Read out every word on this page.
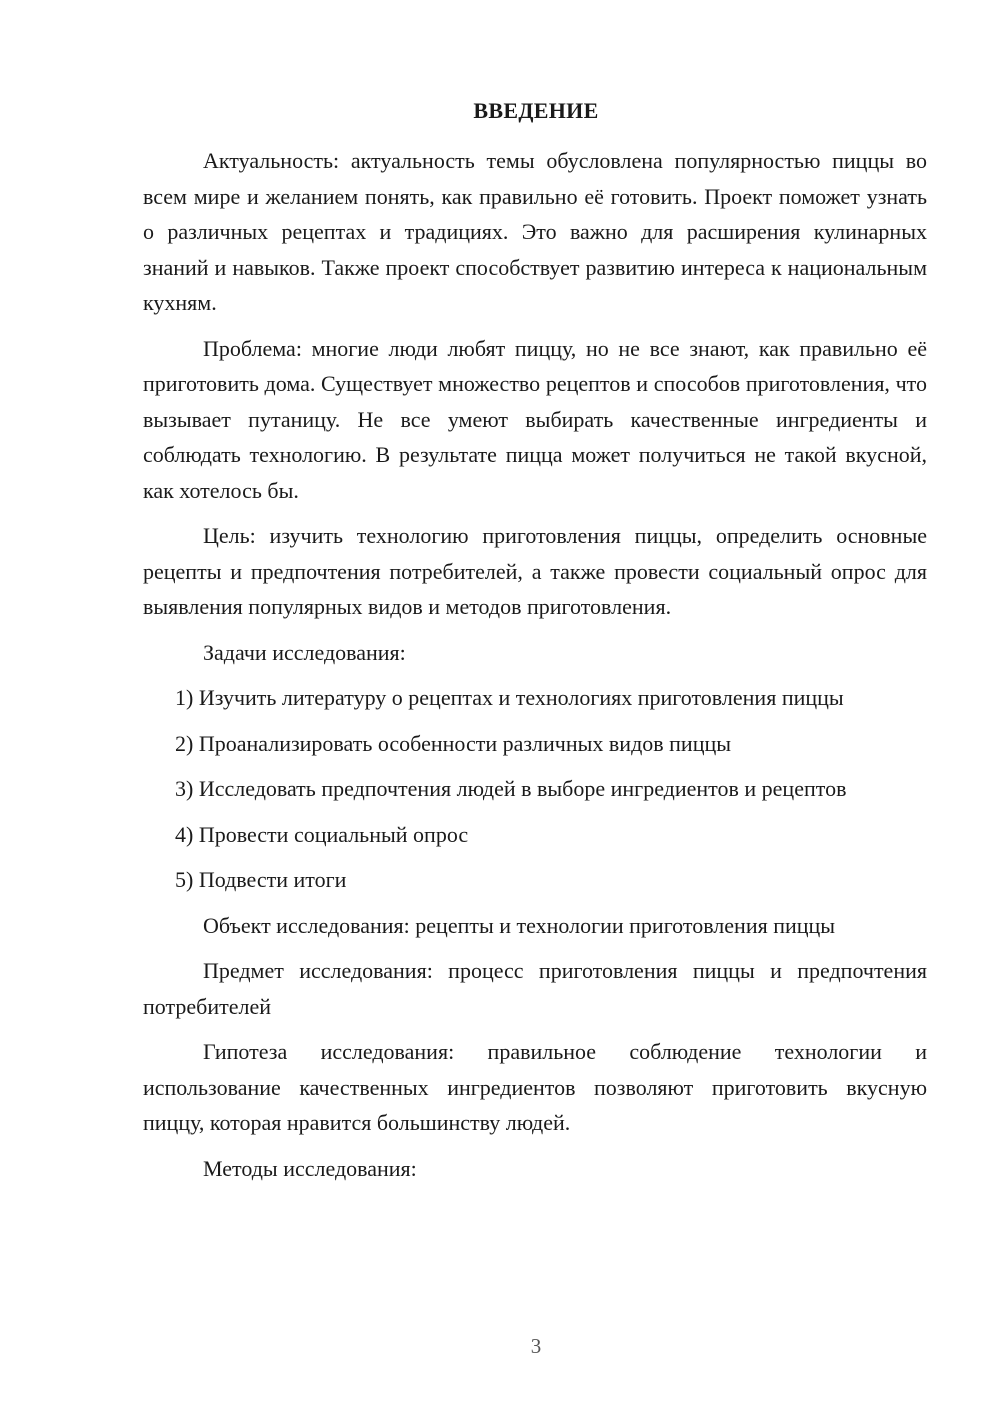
ВВЕДЕНИЕ

Актуальность: актуальность темы обусловлена популярностью пиццы во всем мире и желанием понять, как правильно её готовить. Проект поможет узнать о различных рецептах и традициях. Это важно для расширения кулинарных знаний и навыков. Также проект способствует развитию интереса к национальным кухням.

Проблема: многие люди любят пиццу, но не все знают, как правильно её приготовить дома. Существует множество рецептов и способов приготовления, что вызывает путаницу. Не все умеют выбирать качественные ингредиенты и соблюдать технологию. В результате пицца может получиться не такой вкусной, как хотелось бы.

Цель: изучить технологию приготовления пиццы, определить основные рецепты и предпочтения потребителей, а также провести социальный опрос для выявления популярных видов и методов приготовления.

Задачи исследования:

1) Изучить литературу о рецептах и технологиях приготовления пиццы

2) Проанализировать особенности различных видов пиццы

3) Исследовать предпочтения людей в выборе ингредиентов и рецептов

4) Провести социальный опрос

5) Подвести итоги

Объект исследования: рецепты и технологии приготовления пиццы

Предмет исследования: процесс приготовления пиццы и предпочтения потребителей

Гипотеза исследования: правильное соблюдение технологии и использование качественных ингредиентов позволяют приготовить вкусную пиццу, которая нравится большинству людей.

Методы исследования:

3
